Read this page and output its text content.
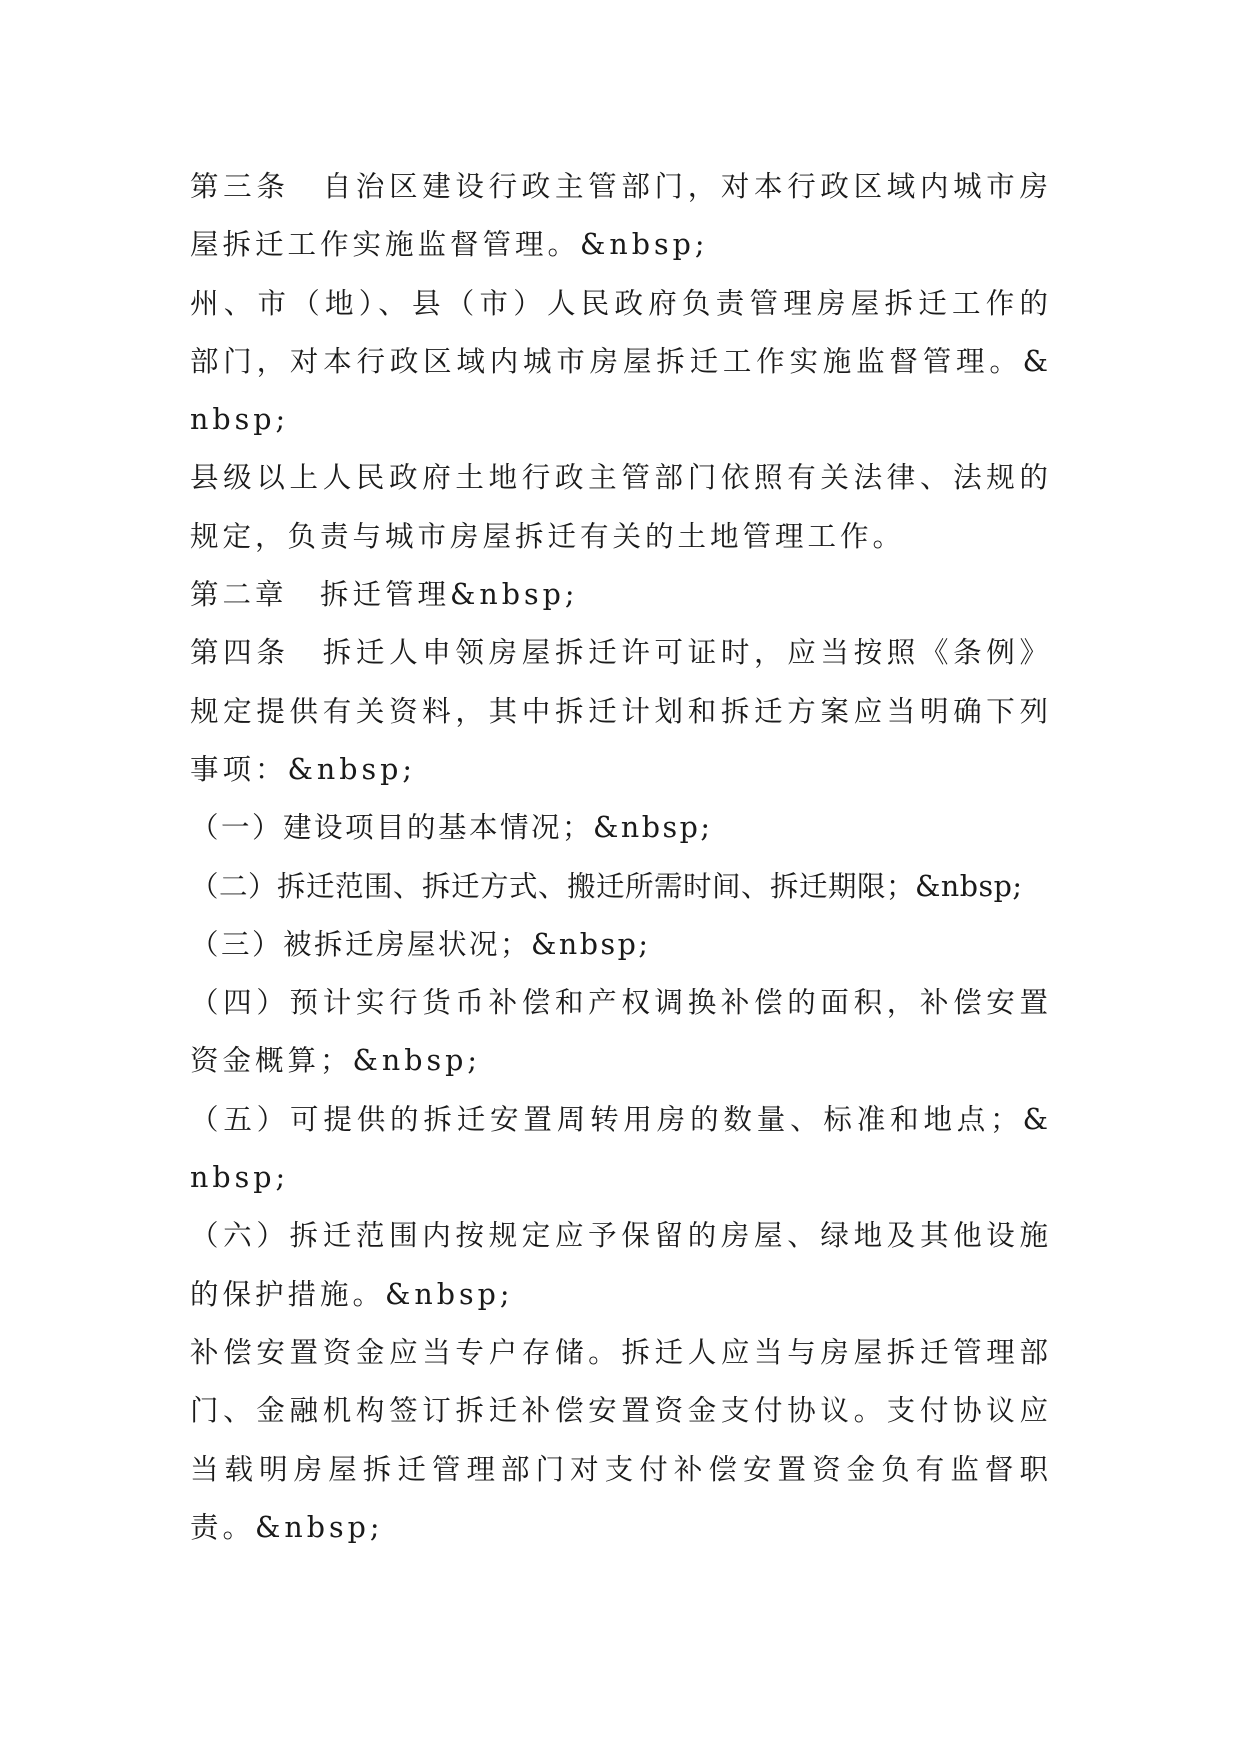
第三条　自治区建设行政主管部门，对本行政区域内城市房屋拆迁工作实施监督管理。&nbsp;

州、市（地）、县（市）人民政府负责管理房屋拆迁工作的部门，对本行政区域内城市房屋拆迁工作实施监督管理。&nbsp;

县级以上人民政府土地行政主管部门依照有关法律、法规的规定，负责与城市房屋拆迁有关的土地管理工作。

第二章　拆迁管理&nbsp;

第四条　拆迁人申领房屋拆迁许可证时，应当按照《条例》规定提供有关资料，其中拆迁计划和拆迁方案应当明确下列事项：&nbsp;

（一）建设项目的基本情况；&nbsp;

（二）拆迁范围、拆迁方式、搬迁所需时间、拆迁期限；&nbsp;

（三）被拆迁房屋状况；&nbsp;

（四）预计实行货币补偿和产权调换补偿的面积，补偿安置资金概算；&nbsp;

（五）可提供的拆迁安置周转用房的数量、标准和地点；&nbsp;

（六）拆迁范围内按规定应予保留的房屋、绿地及其他设施的保护措施。&nbsp;

补偿安置资金应当专户存储。拆迁人应当与房屋拆迁管理部门、金融机构签订拆迁补偿安置资金支付协议。支付协议应当载明房屋拆迁管理部门对支付补偿安置资金负有监督职责。&nbsp;
